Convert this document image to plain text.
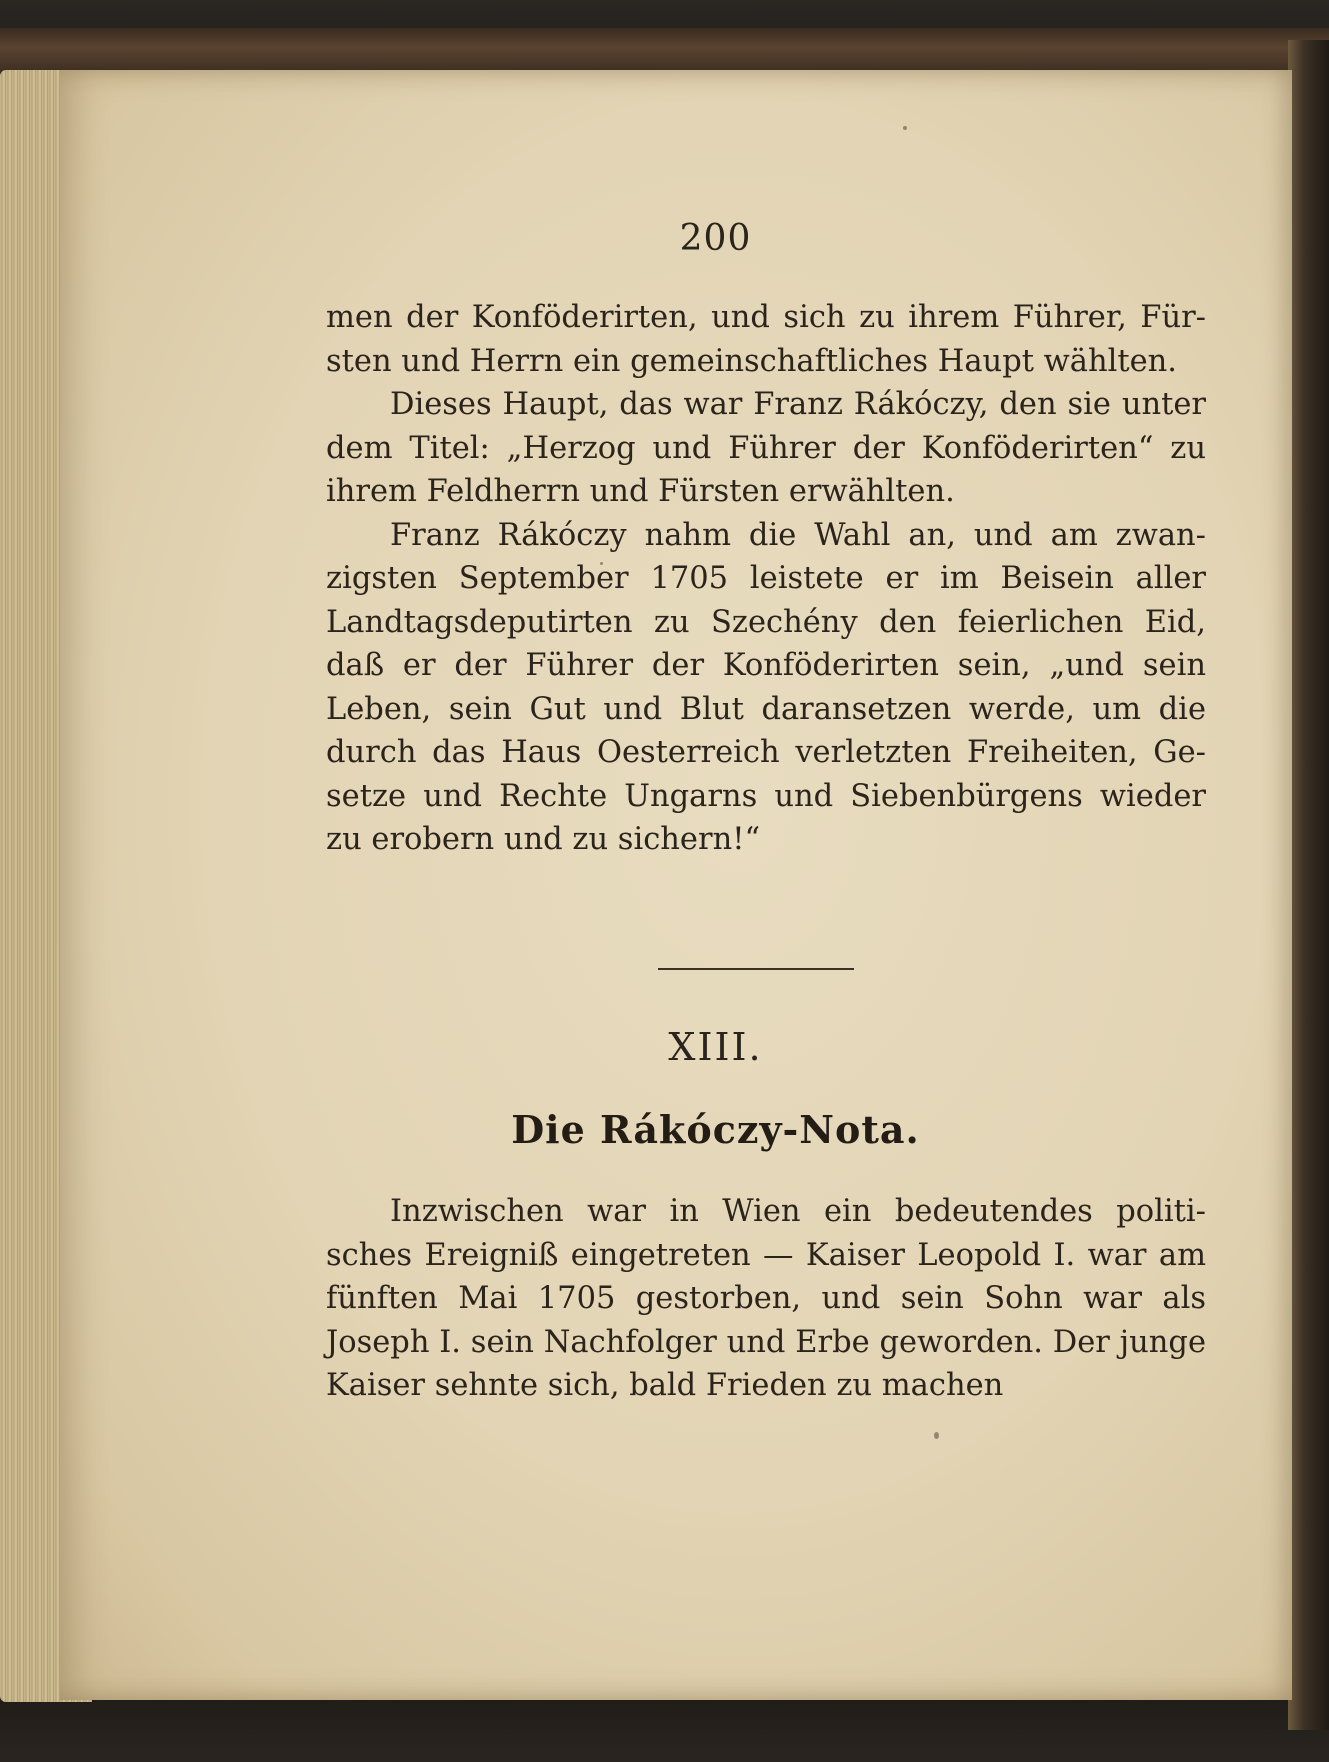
200

men der Konföderirten, und sich zu ihrem Führer, Für-sten und Herrn ein gemeinschaftliches Haupt wählten.

Dieses Haupt, das war Franz Rákóczy, den sie unter dem Titel: „Herzog und Führer der Konföderirten“ zu ihrem Feldherrn und Fürsten erwählten.

Franz Rákóczy nahm die Wahl an, und am zwan-zigsten September 1705 leistete er im Beisein aller Landtagsdeputirten zu Szechény den feierlichen Eid, daß er der Führer der Konföderirten sein, „und sein Leben, sein Gut und Blut daransetzen werde, um die durch das Haus Oesterreich verletzten Freiheiten, Ge-setze und Rechte Ungarns und Siebenbürgens wieder zu erobern und zu sichern!“

XIII.
Die Rákóczy-Nota.

Inzwischen war in Wien ein bedeutendes politi-sches Ereigniß eingetreten — Kaiser Leopold I. war am fünften Mai 1705 gestorben, und sein Sohn war als Joseph I. sein Nachfolger und Erbe geworden. Der junge Kaiser sehnte sich, bald Frieden zu machen
